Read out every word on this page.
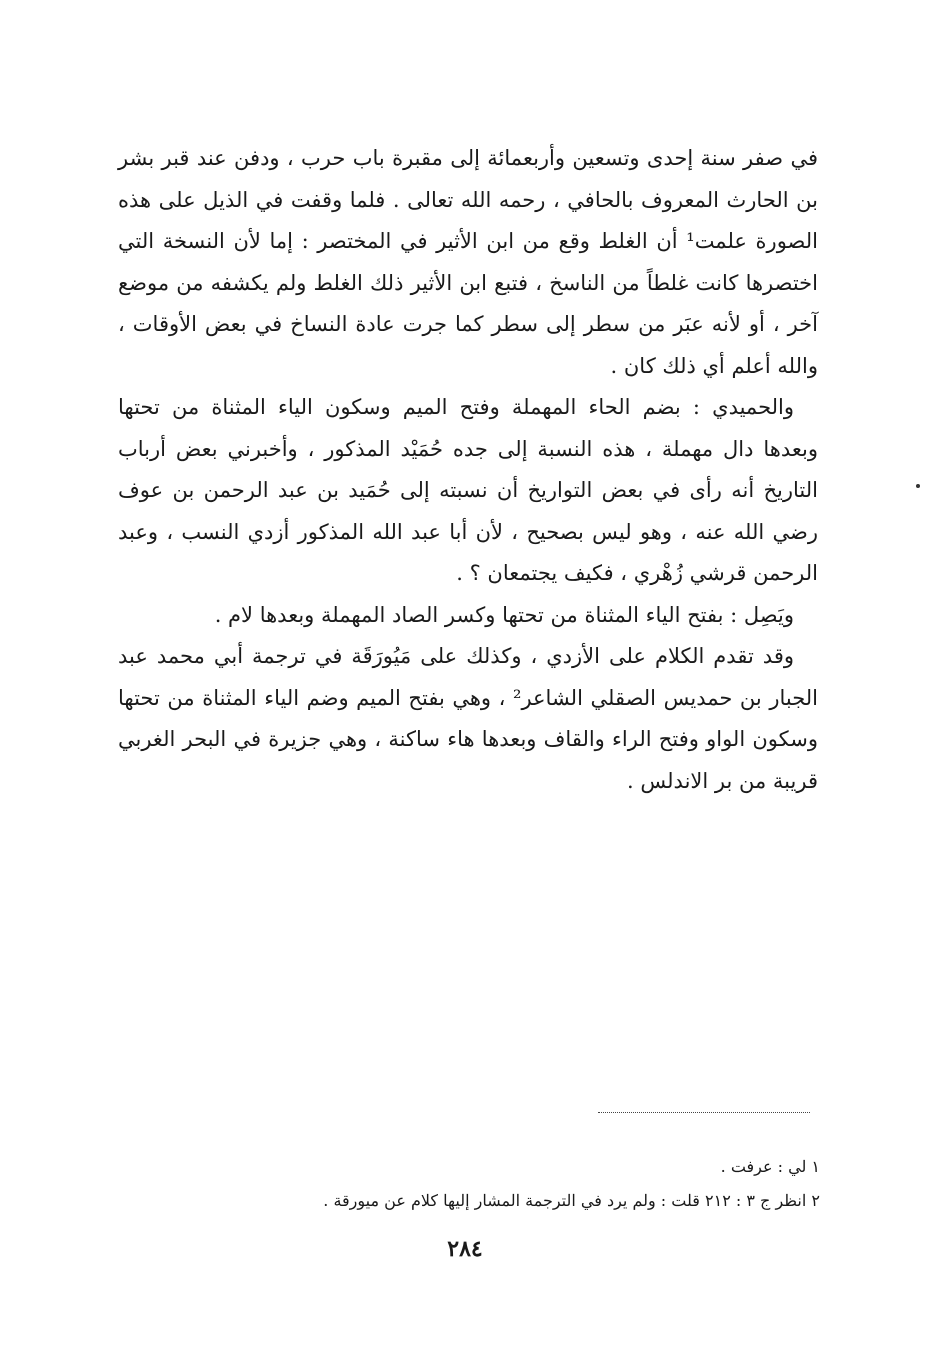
في صفر سنة إحدى وتسعين وأربعمائة إلى مقبرة باب حرب ، ودفن عند قبر بشر بن الحارث المعروف بالحافي ، رحمه الله تعالى . فلما وقفت في الذيل على هذه الصورة علمت¹ أن الغلط وقع من ابن الأثير في المختصر : إما لأن النسخة التي اختصرها كانت غلطاً من الناسخ ، فتبع ابن الأثير ذلك الغلط ولم يكشفه من موضع آخر ، أو لأنه عبَر من سطر إلى سطر كما جرت عادة النساخ في بعض الأوقات ، والله أعلم أي ذلك كان .

والحميدي : بضم الحاء المهملة وفتح الميم وسكون الياء المثناة من تحتها وبعدها دال مهملة ، هذه النسبة إلى جده حُمَيْد المذكور ، وأخبرني بعض أرباب التاريخ أنه رأى في بعض التواريخ أن نسبته إلى حُمَيد بن عبد الرحمن بن عوف رضي الله عنه ، وهو ليس بصحيح ، لأن أبا عبد الله المذكور أزدي النسب ، وعبد الرحمن قرشي زُهْري ، فكيف يجتمعان ؟ .

ويَصِل : بفتح الياء المثناة من تحتها وكسر الصاد المهملة وبعدها لام .

وقد تقدم الكلام على الأزدي ، وكذلك على مَيُورَقَة في ترجمة أبي محمد عبد الجبار بن حمديس الصقلي الشاعر² ، وهي بفتح الميم وضم الياء المثناة من تحتها وسكون الواو وفتح الراء والقاف وبعدها هاء ساكنة ، وهي جزيرة في البحر الغربي قريبة من بر الاندلس .

١ لي : عرفت .

٢ انظر ج ٣ : ٢١٢ قلت : ولم يرد في الترجمة المشار إليها كلام عن ميورقة .

٢٨٤
